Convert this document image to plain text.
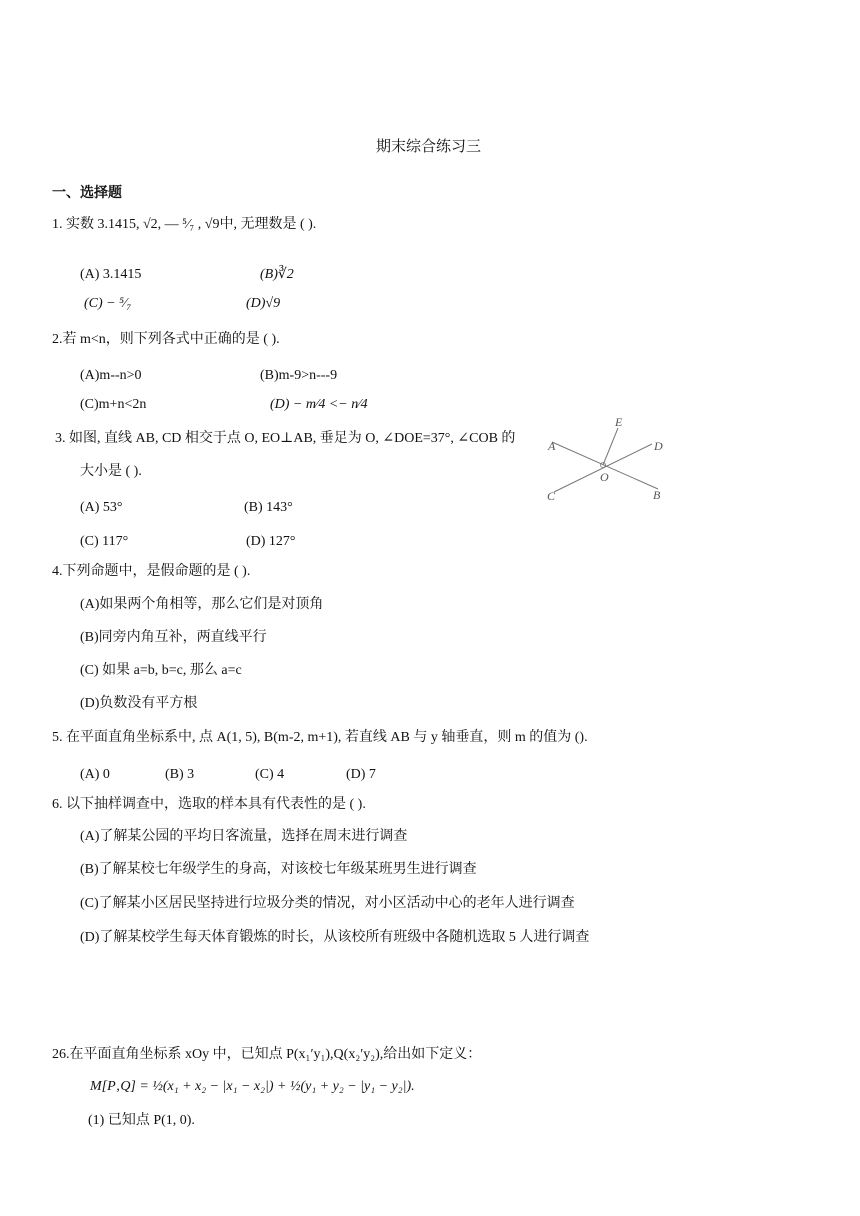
期末综合练习三
一、选择题
1. 实数 3.1415, √2, — ⁵⁄₇ , √9中, 无理数是 ( ).
(A) 3.1415	(B)∛2
(C) − ⁵⁄₇	(D)√9
2.若 m<n，则下列各式中正确的是 ( ).
(A)m--n>0	(B)m-9>n---9
(C)m+n<2n	(D) − m⁄4 <− n⁄4
3. 如图, 直线 AB, CD 相交于点 O, EO⊥AB, 垂足为 O, ∠DOE=37°, ∠COB 的
大小是 ( ).
(A) 53°	(B) 143°
(C) 117°	(D) 127°
E
A	D
O
C	B
4.下列命题中，是假命题的是 ( ).
(A)如果两个角相等，那么它们是对顶角
(B)同旁内角互补，两直线平行
(C) 如果 a=b, b=c, 那么 a=c
(D)负数没有平方根
5. 在平面直角坐标系中, 点 A(1, 5), B(m-2, m+1), 若直线 AB 与 y 轴垂直，则 m 的值为 ().
(A) 0	(B) 3	(C) 4	(D) 7
6. 以下抽样调查中，选取的样本具有代表性的是 ( ).
(A)了解某公园的平均日客流量，选择在周末进行调查
(B)了解某校七年级学生的身高，对该校七年级某班男生进行调查
(C)了解某小区居民坚持进行垃圾分类的情况，对小区活动中心的老年人进行调查
(D)了解某校学生每天体育锻炼的时长，从该校所有班级中各随机选取 5 人进行调查
26.在平面直角坐标系 xOy 中，已知点 P(x₁′y₁),Q(x₂′y₂),给出如下定义：
M[P‚Q] = ½(x₁ + x₂ − |x₁ − x₂|) + ½(y₁ + y₂ − |y₁ − y₂|).
(1) 已知点 P(1, 0).
